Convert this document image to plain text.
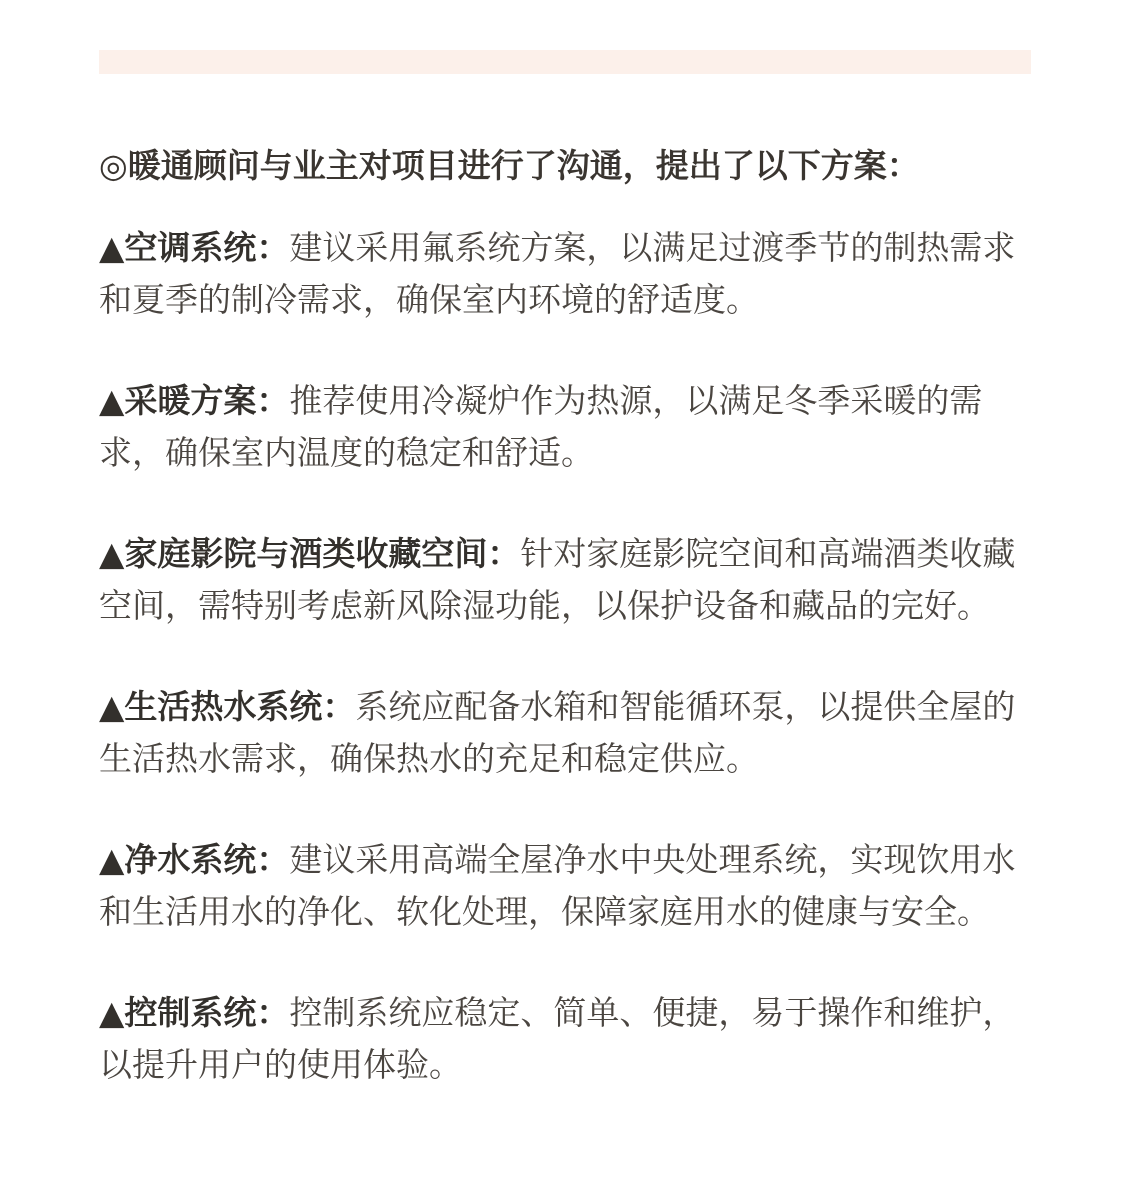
◎暖通顾问与业主对项目进行了沟通，提出了以下方案：

▲空调系统：建议采用氟系统方案，以满足过渡季节的制热需求和夏季的制冷需求，确保室内环境的舒适度。

▲采暖方案：推荐使用冷凝炉作为热源，以满足冬季采暖的需求，确保室内温度的稳定和舒适。

▲家庭影院与酒类收藏空间：针对家庭影院空间和高端酒类收藏空间，需特别考虑新风除湿功能，以保护设备和藏品的完好。

▲生活热水系统：系统应配备水箱和智能循环泵，以提供全屋的生活热水需求，确保热水的充足和稳定供应。

▲净水系统：建议采用高端全屋净水中央处理系统，实现饮用水和生活用水的净化、软化处理，保障家庭用水的健康与安全。

▲控制系统：控制系统应稳定、简单、便捷，易于操作和维护，以提升用户的使用体验。
